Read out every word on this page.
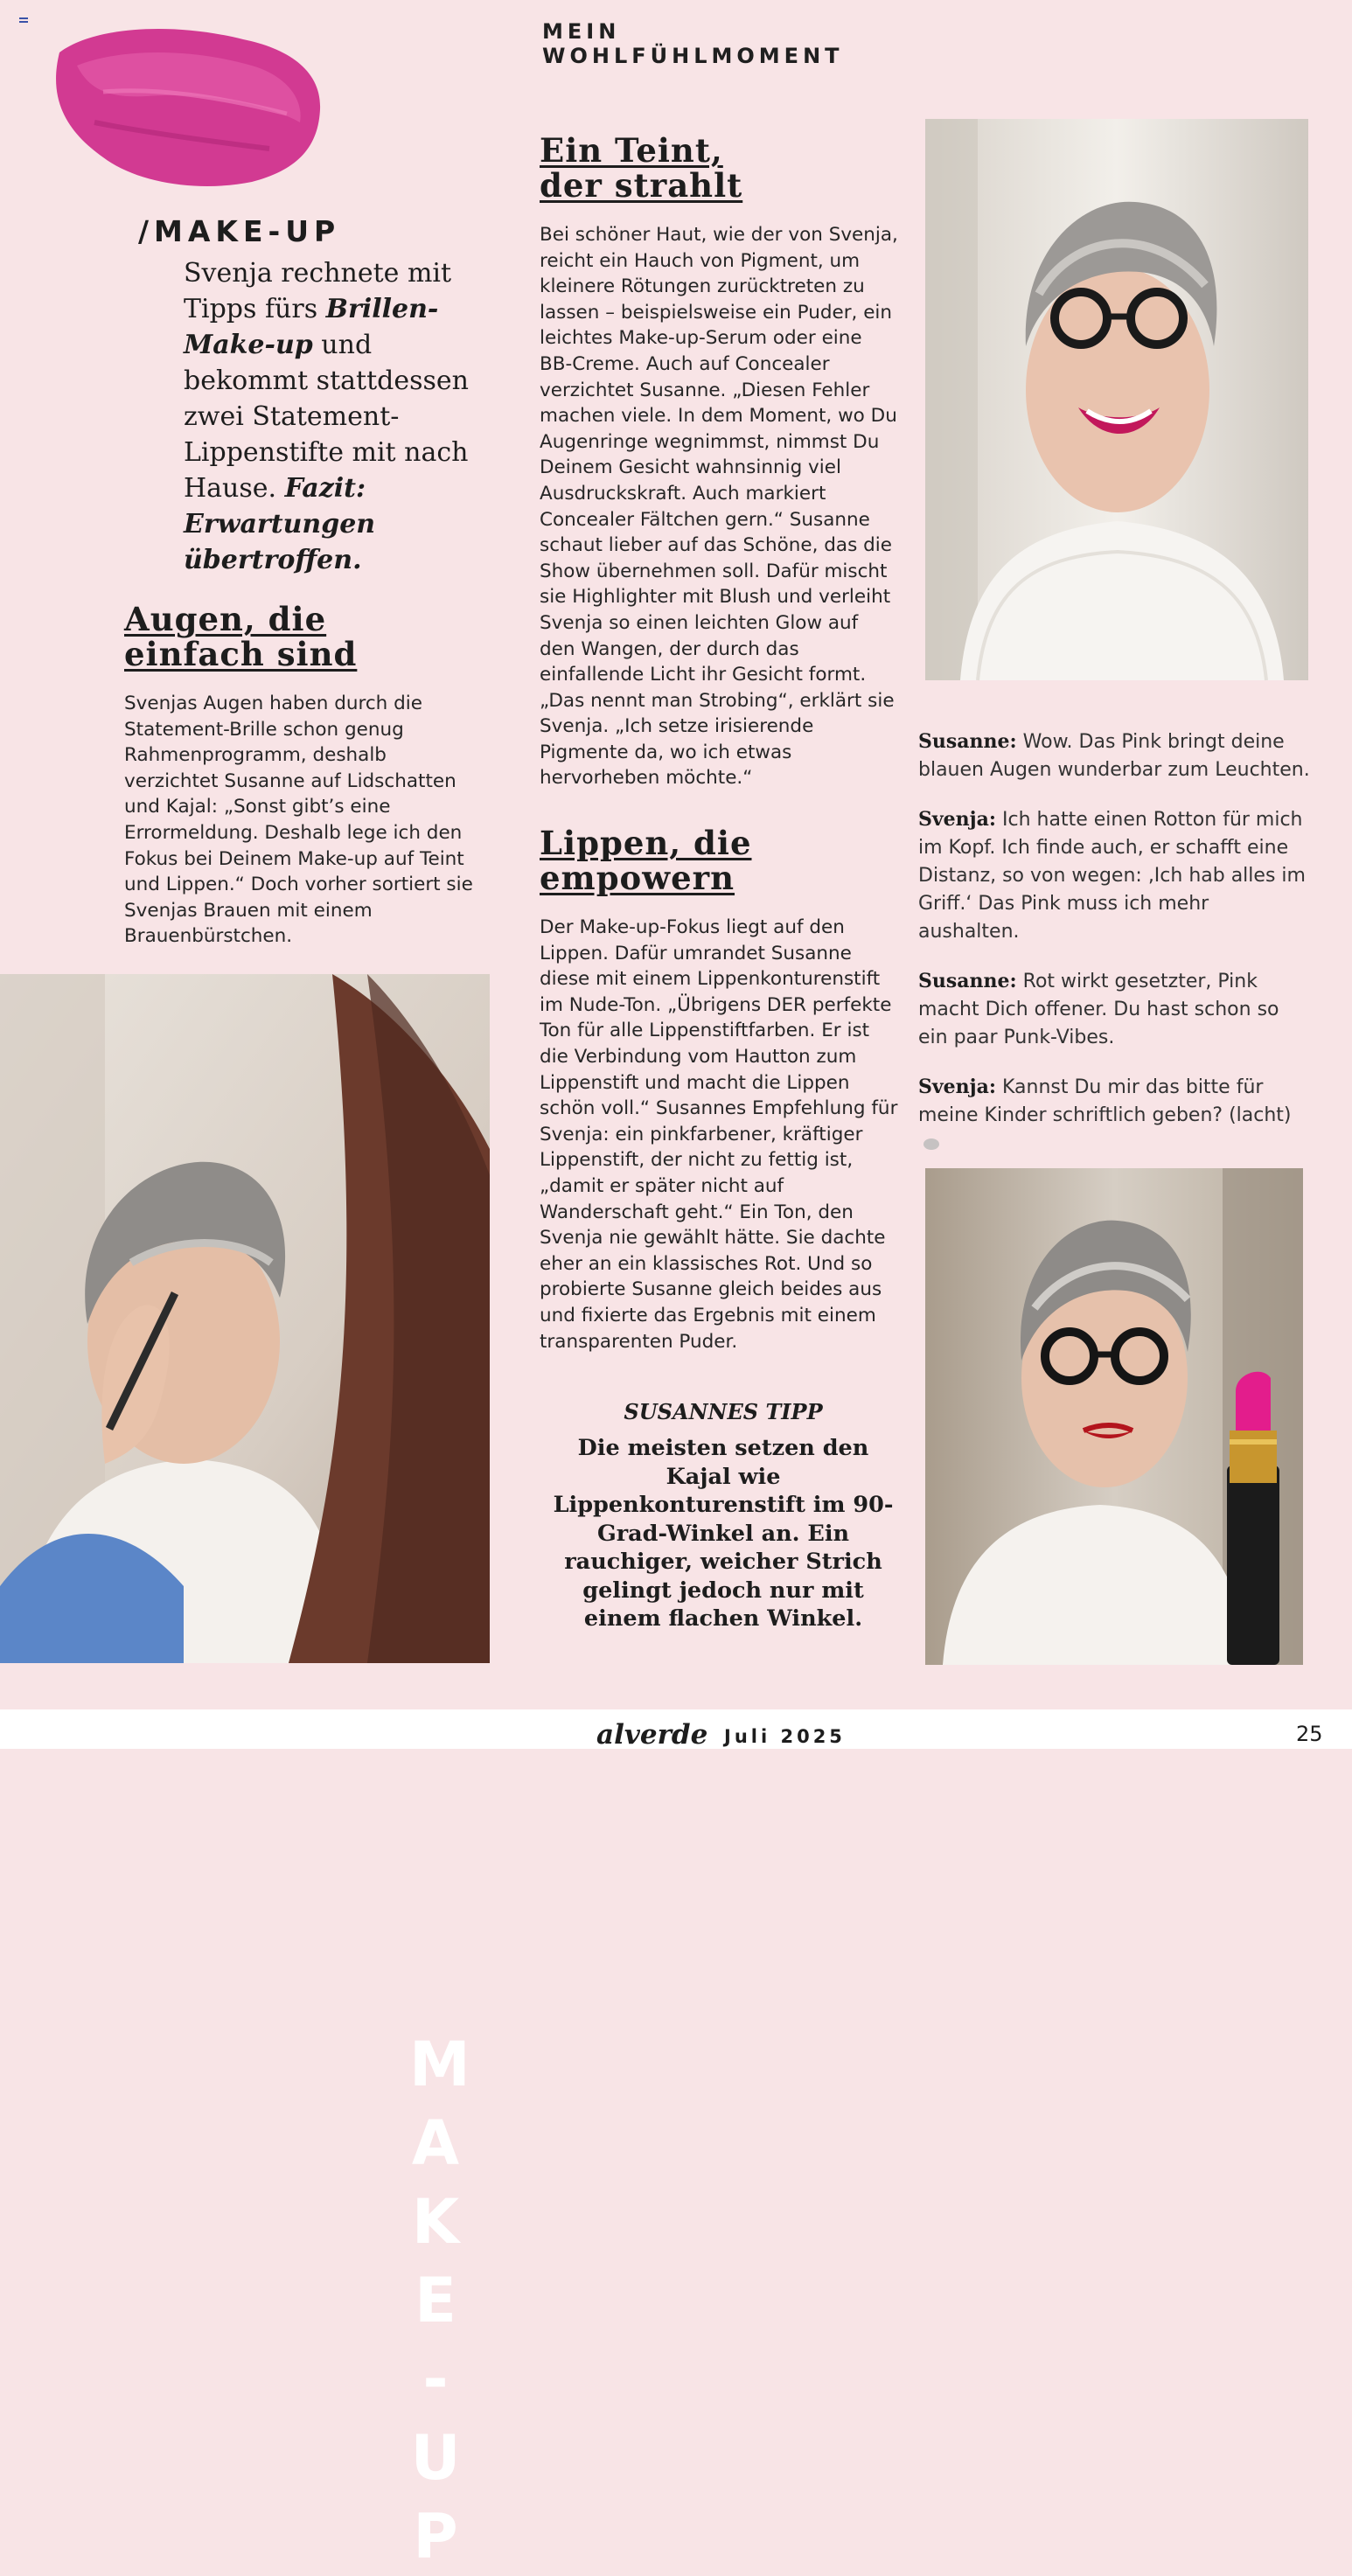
MEIN WOHLFÜHLMOMENT
/MAKE-UP
Svenja rechnete mit Tipps fürs Brillen-Make-up und bekommt stattdessen zwei Statement-Lippenstifte mit nach Hause. Fazit: Erwartungen übertroffen.

Augen, die

einfach sind

Svenjas Augen haben durch die Statement-Brille schon genug Rahmenprogramm, deshalb verzichtet Susanne auf Lidschatten und Kajal: „Sonst gibt’s eine Errormeldung. Deshalb lege ich den Fokus bei Deinem Make-up auf Teint und Lippen.“ Doch vorher sortiert sie Svenjas Brauen mit einem Brauenbürstchen.

Ein Teint,

der strahlt

Bei schöner Haut, wie der von Svenja, reicht ein Hauch von Pigment, um kleinere Rötungen zurücktreten zu lassen – beispielsweise ein Puder, ein leichtes Make-up-Serum oder eine BB-Creme. Auch auf Concealer verzichtet Susanne. „Diesen Fehler machen viele. In dem Moment, wo Du Augenringe wegnimmst, nimmst Du Deinem Gesicht wahnsinnig viel Ausdruckskraft. Auch markiert Concealer Fältchen gern.“ Susanne schaut lieber auf das Schöne, das die Show übernehmen soll. Dafür mischt sie Highlighter mit Blush und verleiht Svenja so einen leichten Glow auf den Wangen, der durch das einfallende Licht ihr Gesicht formt. „Das nennt man Strobing“, erklärt sie Svenja. „Ich setze irisierende Pigmente da, wo ich etwas hervorheben möchte.“

Lippen, die

empowern

Der Make-up-Fokus liegt auf den Lippen. Dafür umrandet Susanne diese mit einem Lippenkonturenstift im Nude-Ton. „Übrigens DER perfekte Ton für alle Lippenstiftfarben. Er ist die Verbindung vom Hautton zum Lippenstift und macht die Lippen schön voll.“ Susannes Empfehlung für Svenja: ein pinkfarbener, kräftiger Lippenstift, der nicht zu fettig ist, „damit er später nicht auf Wanderschaft geht.“ Ein Ton, den Svenja nie gewählt hätte. Sie dachte eher an ein klassisches Rot. Und so probierte Susanne gleich beides aus und fixierte das Ergebnis mit einem transparenten Puder.

SUSANNES TIPP
Die meisten setzen den Kajal wie Lippenkonturenstift im 90-Grad-Winkel an. Ein rauchiger, weicher Strich gelingt jedoch nur mit einem flachen Winkel.
M
A
K
E
-
U
P
Susanne: Wow. Das Pink bringt deine blauen Augen wunderbar zum Leuchten.
Svenja: Ich hatte einen Rotton für mich im Kopf. Ich finde auch, er schafft eine Distanz, so von wegen: ‚Ich hab alles im Griff.‘ Das Pink muss ich mehr aushalten.
Susanne: Rot wirkt gesetzter, Pink macht Dich offener. Du hast schon so ein paar Punk-Vibes.
Svenja: Kannst Du mir das bitte für meine Kinder schriftlich geben? (lacht)
alverde Juli 2025	25
